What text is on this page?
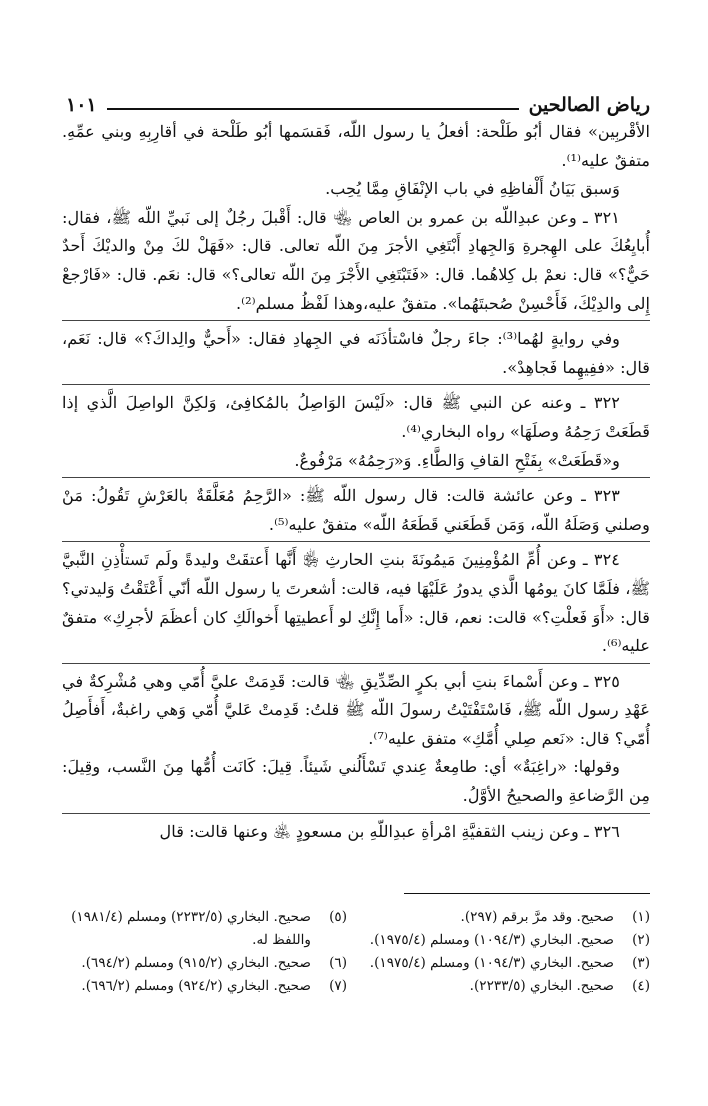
رياض الصالحين
١٠١

الأقْربِين» فقال أبُو طَلْحة: أفعلُ يا رسول اللّه، فَقسَمها أبُو طَلْحة في أقارِبِهِ وبني عمِّهِ. متفقٌ عليه⁽¹⁾.

وَسبق بَيَانُ أَلْفاظِهِ في باب الإنْفَاقِ مِمَّا يُحِب.

٣٢١ ـ وعن عبدِاللّه بن عمرو بن العاص ﵄ قال: أَقْبلَ رجُلٌ إلى نَبيِّ اللّه ﷺ، فقال: أُبايِعُكَ على الهِجرةِ وَالجِهادِ أَبْتَغِي الأجرَ مِنَ اللّه تعالى. قال: «فَهَلْ لكَ مِنْ والديْكَ أَحدٌ حَيٌّ؟» قال: نعمْ بل كِلاهُما. قال: «فَتَبْتَغِي الأَجْرَ مِنَ اللّه تعالى؟» قال: نعَم. قال: «فَارْجعْ إِلى والدِيْكَ، فَأَحْسِنْ صُحبتَهُما». متفقٌ عليه،وهذا لَفْظُ مسلم⁽²⁾.

وفي روايةٍ لهُما⁽³⁾: جاءَ رجلٌ فاسْتأذَنَه في الجِهادِ فقال: «أَحيٌّ والِداكَ؟» قال: نَعَم، قال: «ففِيهِما فَجاهِدْ».

٣٢٢ ـ وعنه عن النبي ﷺ قال: «لَيْسَ الوَاصِلُ بالمُكافِئ، وَلكِنَّ الواصِلَ الَّذي إذا قَطَعَتْ رَحِمُهُ وصلَهَا» رواه البخاري⁽⁴⁾.

و«قَطَعَتْ» بِفَتْحِ القافِ وَالطَّاءِ. وَ«رَحِمُهُ» مَرْفُوعٌ.

٣٢٣ ـ وعن عائشة قالت: قال رسول اللّه ﷺ: «الرَّحِمُ مُعَلَّقَةٌ بالعَرْشِ تَقُولُ: مَنْ وصلني وَصَلَهُ اللّه، وَمَن قَطَعَني قَطَعَهُ اللّه» متفقٌ عليه⁽⁵⁾.

٣٢٤ ـ وعن أُمِّ المُؤْمِنِينَ مَيمُونَةَ بنتِ الحارثِ ﵂ أَنَّها أَعتقَتْ وليدةً ولَم تَستأْذِنِ النَّبيَّ ﷺ، فلَمَّا كانَ يومُها الَّذي يدورُ عَلَيْهَا فيه، قالت: أشعرتَ يا رسول اللّه أنّي أَعْتَقْتُ وَليدتي؟ قال: «أَوَ فَعلْتِ؟» قالت: نعم، قال: «أَما إِنَّكِ لو أَعطيتِها أَخوالَكِ كان أعظَمَ لأجرِكِ» متفقٌ عليه⁽⁶⁾.

٣٢٥ ـ وعن أَسْماءَ بنتِ أبي بكرٍ الصِّدِّيقِ ﵄ قالت: قَدِمَتْ عليَّ أُمّي وهي مُشْرِكةٌ في عَهْدِ رسول اللّه ﷺ، فَاسْتَفْتَيْتُ رسولَ اللّه ﷺ قلتُ: قَدِمتْ عَليَّ أُمّي وَهي راغبةٌ، أَفأَصِلُ أُمّي؟ قال: «نَعم صِلي أُمَّكِ» متفق عليه⁽⁷⁾.

وقولها: «راغِبَةٌ» أي: طامِعةٌ عِندي تَسْأَلُني شَيئاً. قِيلَ: كَانَت أُمُّها مِنَ النَّسب، وقِيلَ: مِن الرَّضاعةِ والصحيحُ الأوَّلُ.

٣٢٦ ـ وعن زينب الثقفيَّةِ امْرأةِ عبدِاللّهِ بن مسعودٍ ﵁ وعنها قالت: قال

(١)
صحيح. وقد مرَّ برقم (٢٩٧).
(٢)
صحيح. البخاري (١٠٩٤/٣) ومسلم (١٩٧٥/٤).
(٣)
صحيح. البخاري (١٠٩٤/٣) ومسلم (١٩٧٥/٤).
(٤)
صحيح. البخاري (٢٢٣٣/٥).
(٥)
صحيح. البخاري (٢٢٣٢/٥) ومسلم (١٩٨١/٤) واللفظ له.
(٦)
صحيح. البخاري (٩١٥/٢) ومسلم (٦٩٤/٢).
(٧)
صحيح. البخاري (٩٢٤/٢) ومسلم (٦٩٦/٢).
